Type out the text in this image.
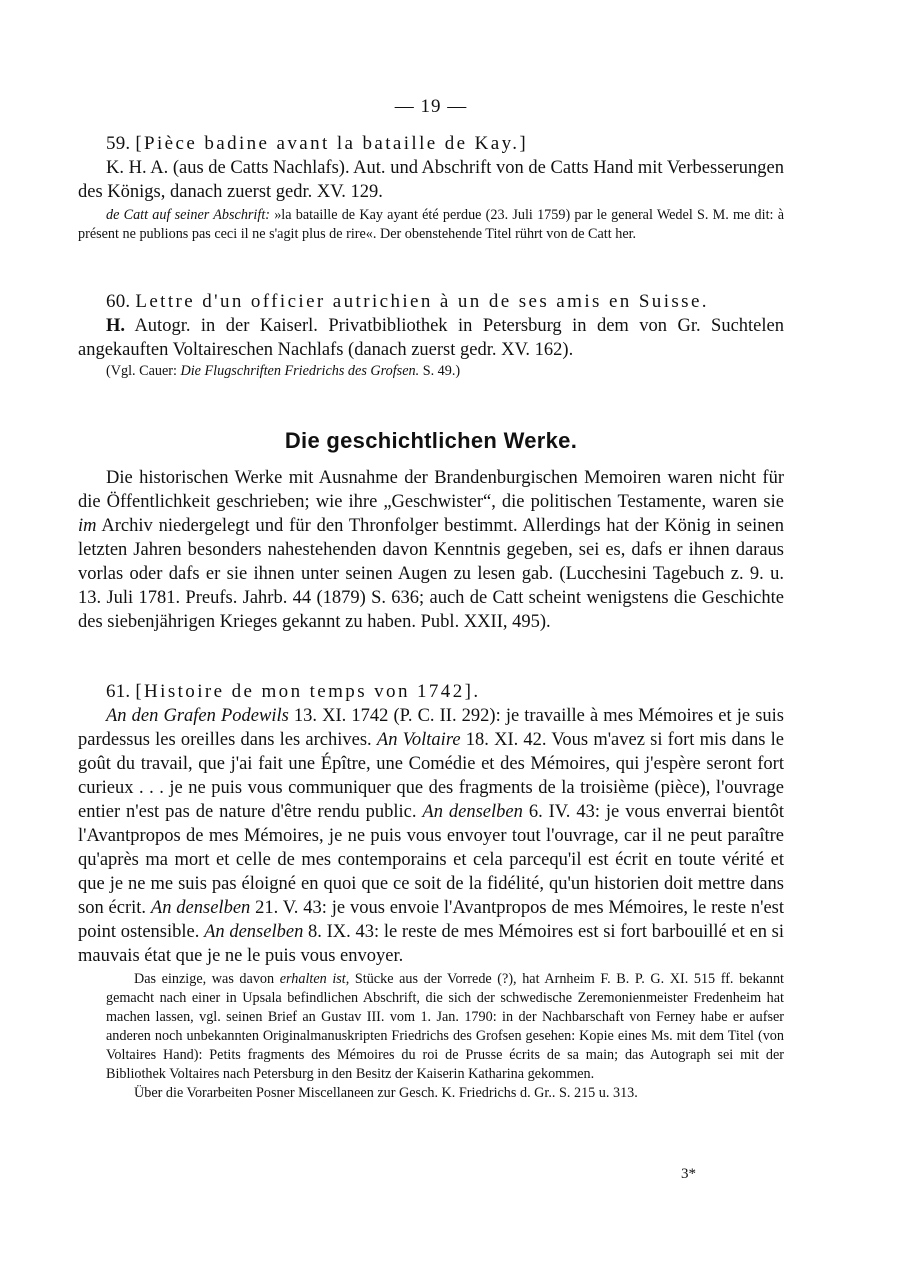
— 19 —
59. [Pièce badine avant la bataille de Kay.]

K. H. A. (aus de Catts Nachlafs). Aut. und Abschrift von de Catts Hand mit Verbesserungen des Königs, danach zuerst gedr. XV. 129.

de Catt auf seiner Abschrift: »la bataille de Kay ayant été perdue (23. Juli 1759) par le general Wedel S. M. me dit: à présent ne publions pas ceci il ne s'agit plus de rire«. Der obenstehende Titel rührt von de Catt her.

60. Lettre d'un officier autrichien à un de ses amis en Suisse.

H. Autogr. in der Kaiserl. Privatbibliothek in Petersburg in dem von Gr. Suchtelen angekauften Voltaireschen Nachlafs (danach zuerst gedr. XV. 162).

(Vgl. Cauer: Die Flugschriften Friedrichs des Grofsen. S. 49.)

Die geschichtlichen Werke.

Die historischen Werke mit Ausnahme der Brandenburgischen Memoiren waren nicht für die Öffentlichkeit geschrieben; wie ihre „Geschwister“, die politischen Testamente, waren sie im Archiv niedergelegt und für den Thronfolger bestimmt. Allerdings hat der König in seinen letzten Jahren besonders nahestehenden davon Kenntnis gegeben, sei es, dafs er ihnen daraus vorlas oder dafs er sie ihnen unter seinen Augen zu lesen gab. (Lucchesini Tagebuch z. 9. u. 13. Juli 1781. Preufs. Jahrb. 44 (1879) S. 636; auch de Catt scheint wenigstens die Geschichte des siebenjährigen Krieges gekannt zu haben. Publ. XXII, 495).

61. [Histoire de mon temps von 1742].

An den Grafen Podewils 13. XI. 1742 (P. C. II. 292): je travaille à mes Mémoires et je suis pardessus les oreilles dans les archives. An Voltaire 18. XI. 42. Vous m'avez si fort mis dans le goût du travail, que j'ai fait une Épître, une Comédie et des Mémoires, qui j'espère seront fort curieux . . . je ne puis vous communiquer que des fragments de la troisième (pièce), l'ouvrage entier n'est pas de nature d'être rendu public. An denselben 6. IV. 43: je vous enverrai bientôt l'Avantpropos de mes Mémoires, je ne puis vous envoyer tout l'ouvrage, car il ne peut paraître qu'après ma mort et celle de mes contemporains et cela parcequ'il est écrit en toute vérité et que je ne me suis pas éloigné en quoi que ce soit de la fidélité, qu'un historien doit mettre dans son écrit. An denselben 21. V. 43: je vous envoie l'Avantpropos de mes Mémoires, le reste n'est point ostensible. An denselben 8. IX. 43: le reste de mes Mémoires est si fort barbouillé et en si mauvais état que je ne le puis vous envoyer.

Das einzige, was davon erhalten ist, Stücke aus der Vorrede (?), hat Arnheim F. B. P. G. XI. 515 ff. bekannt gemacht nach einer in Upsala befindlichen Abschrift, die sich der schwedische Zeremonienmeister Fredenheim hat machen lassen, vgl. seinen Brief an Gustav III. vom 1. Jan. 1790: in der Nachbarschaft von Ferney habe er aufser anderen noch unbekannten Originalmanuskripten Friedrichs des Grofsen gesehen: Kopie eines Ms. mit dem Titel (von Voltaires Hand): Petits fragments des Mémoires du roi de Prusse écrits de sa main; das Autograph sei mit der Bibliothek Voltaires nach Petersburg in den Besitz der Kaiserin Katharina gekommen.

Über die Vorarbeiten Posner Miscellaneen zur Gesch. K. Friedrichs d. Gr.. S. 215 u. 313.

3*
